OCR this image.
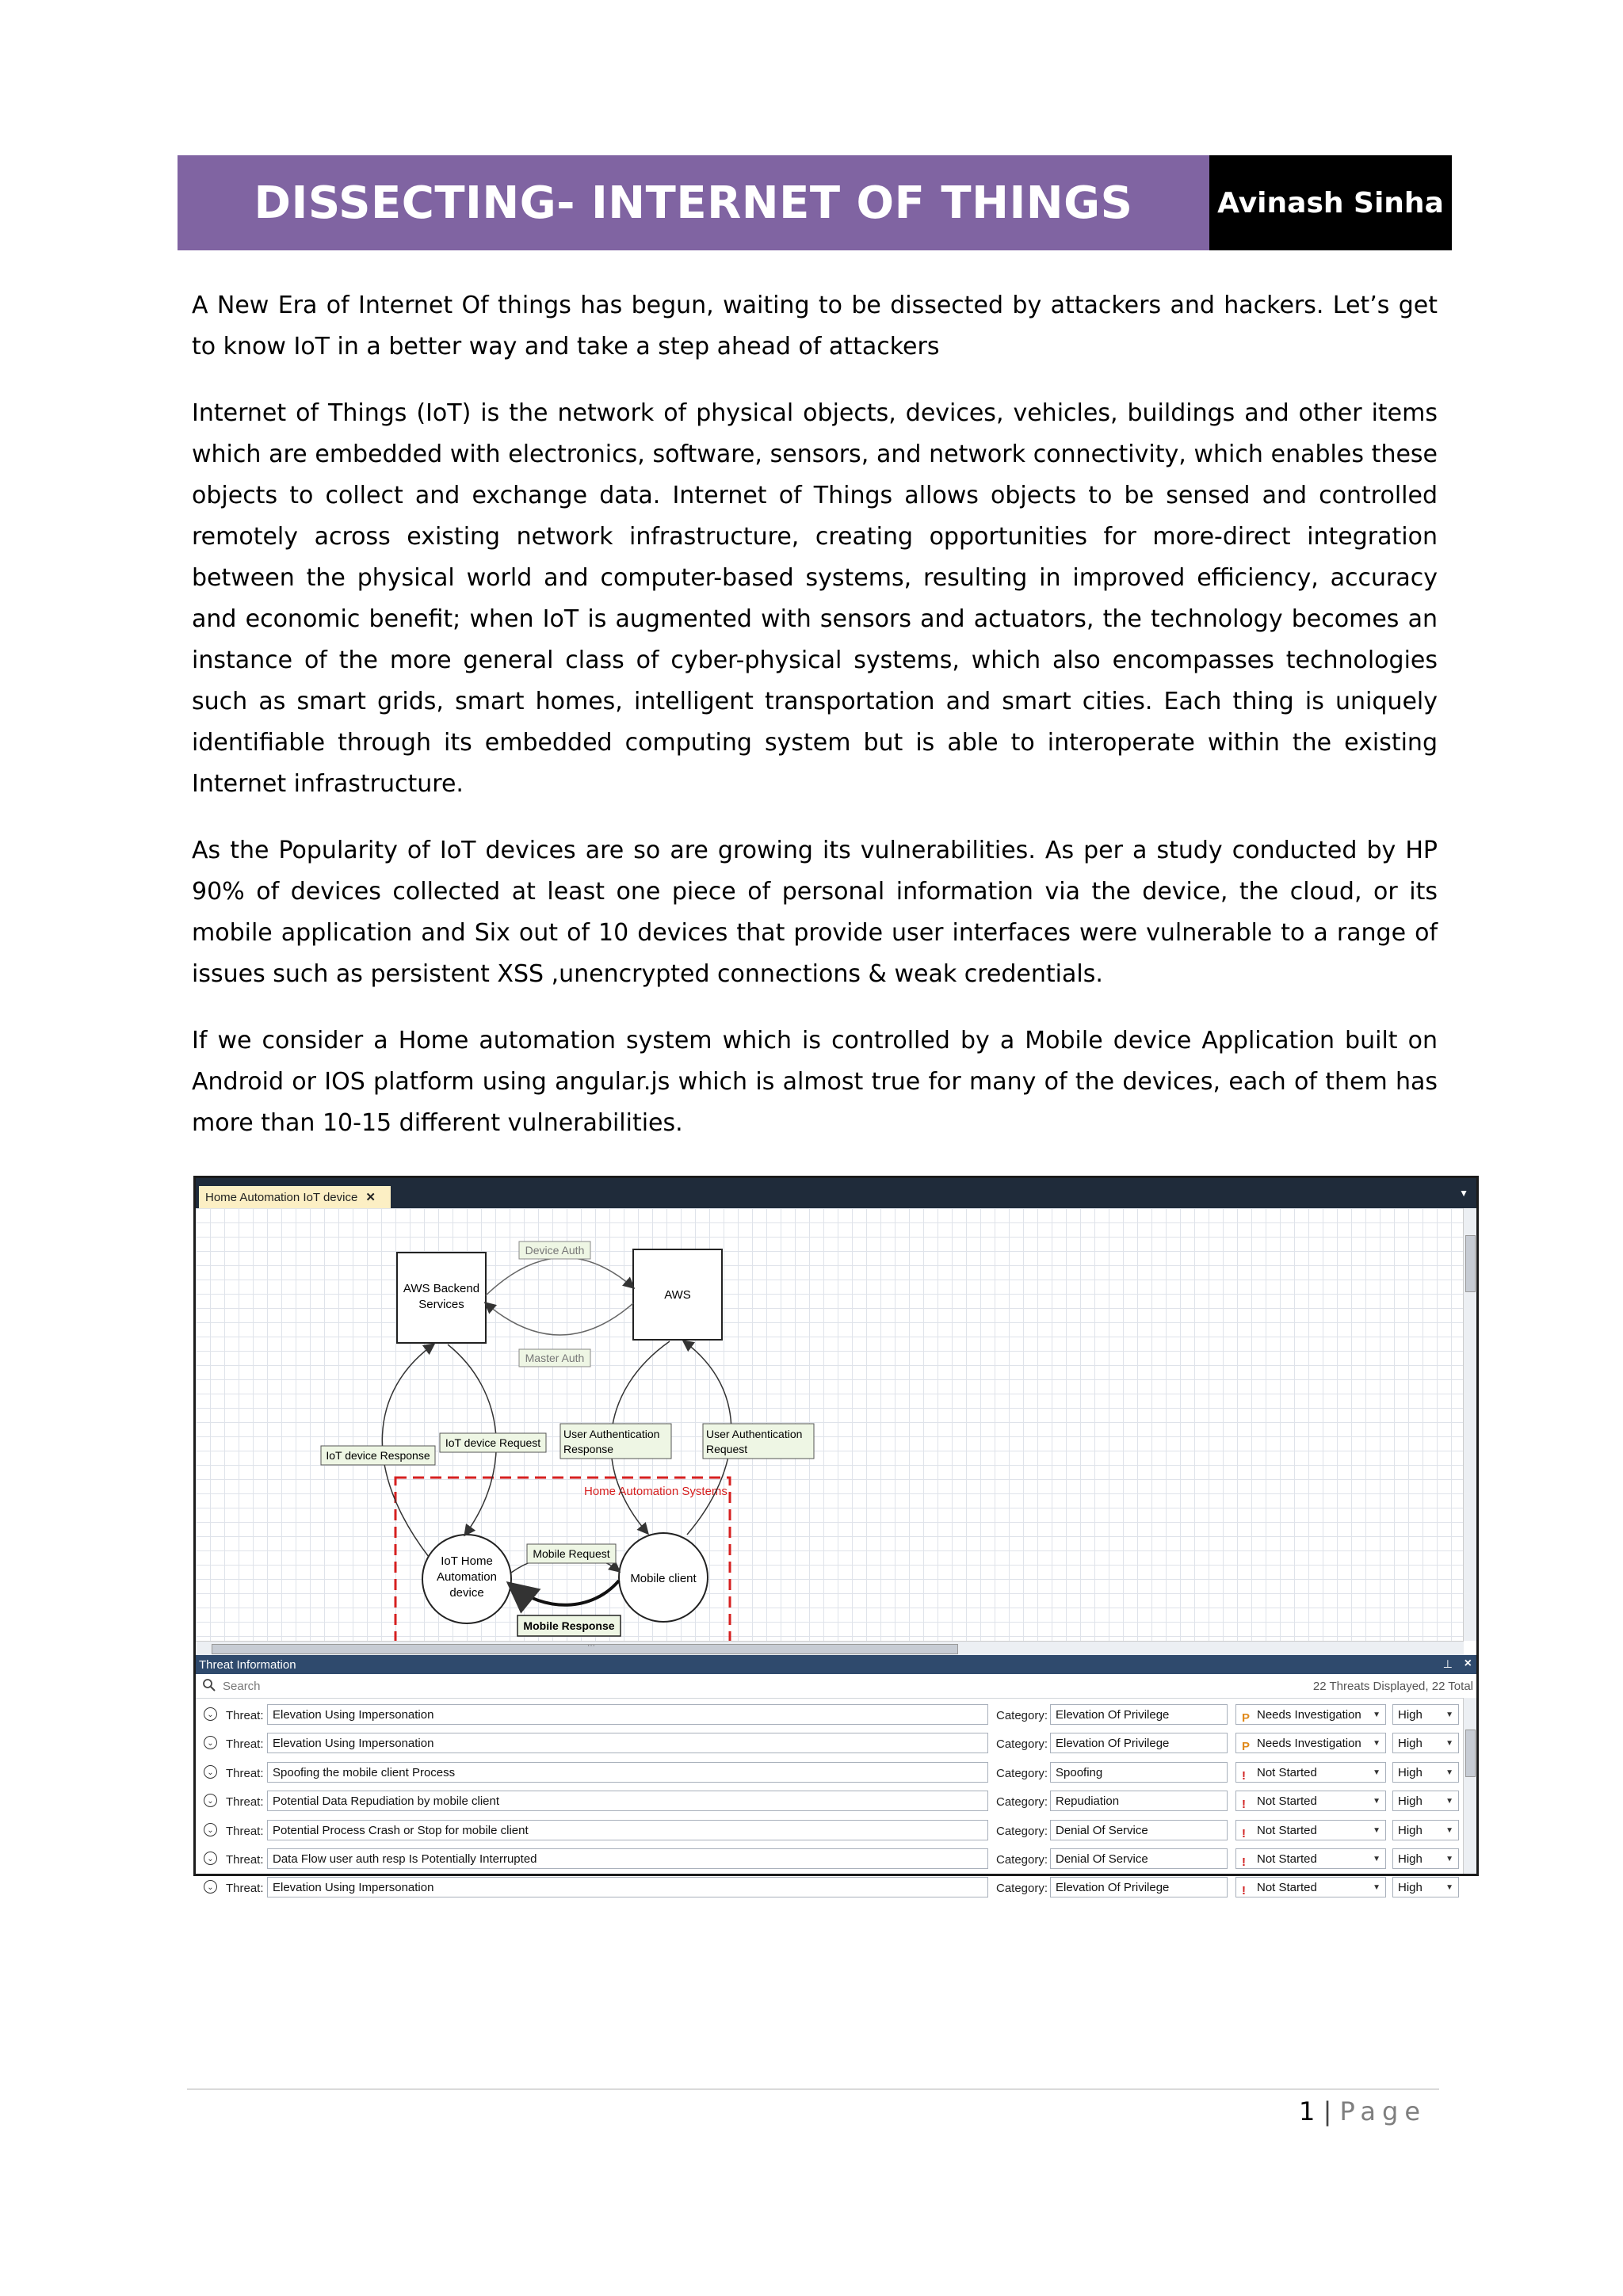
DISSECTING- INTERNET OF THINGS	Avinash Sinha

A New Era of Internet Of things has begun, waiting to be dissected by attackers and hackers. Let’s get to know IoT in a better way and take a step ahead of attackers

Internet of Things (IoT) is the network of physical objects, devices, vehicles, buildings and other items which are embedded with electronics, software, sensors, and network connectivity, which enables these objects to collect and exchange data. Internet of Things allows objects to be sensed and controlled remotely across existing network infrastructure, creating opportunities for more-direct integration between the physical world and computer-based systems, resulting in improved efficiency, accuracy and economic benefit; when IoT is augmented with sensors and actuators, the technology becomes an instance of the more general class of cyber-physical systems, which also encompasses technologies such as smart grids, smart homes, intelligent transportation and smart cities. Each thing is uniquely identifiable through its embedded computing system but is able to interoperate within the existing Internet infrastructure.

As the Popularity of IoT devices are so are growing its vulnerabilities. As per a study conducted by HP 90% of devices collected at least one piece of personal information via the device, the cloud, or its mobile application and Six out of 10 devices that provide user interfaces were vulnerable to a range of issues such as persistent XSS ,unencrypted connections & weak credentials.

If we consider a Home automation system which is controlled by a Mobile device Application built on Android or IOS platform using angular.js which is almost true for many of the devices, each of them has more than 10-15 different vulnerabilities.

Home Automation IoT device ✕	▼
Home Automation Systems
AWS Backend
Services
AWS
Device Auth
Master Auth
IoT Home
Automation
device
Mobile client
IoT device Response
IoT device Request
User Authentication
Response
User Authentication
Request
Mobile Request
Mobile Response
⋯
Threat Information	⊥ ×
Search	22 Threats Displayed, 22 Total
⌄ Threat: Elevation Using Impersonation	Category: Elevation Of Privilege	P Needs Investigation ▼	High	▼
⌄ Threat: Elevation Using Impersonation	Category: Elevation Of Privilege	P Needs Investigation ▼	High	▼
⌄ Threat: Spoofing the mobile client Process	Category: Spoofing	! Not Started	▼	High	▼
⌄ Threat: Potential Data Repudiation by mobile client	Category: Repudiation	! Not Started	▼	High	▼
⌄ Threat: Potential Process Crash or Stop for mobile client	Category: Denial Of Service	! Not Started	▼	High	▼
⌄ Threat: Data Flow user auth resp Is Potentially Interrupted	Category: Denial Of Service	! Not Started	▼	High	▼
⌄ Threat: Elevation Using Impersonation	Category: Elevation Of Privilege	! Not Started	▼	High	▼
1 | Page
